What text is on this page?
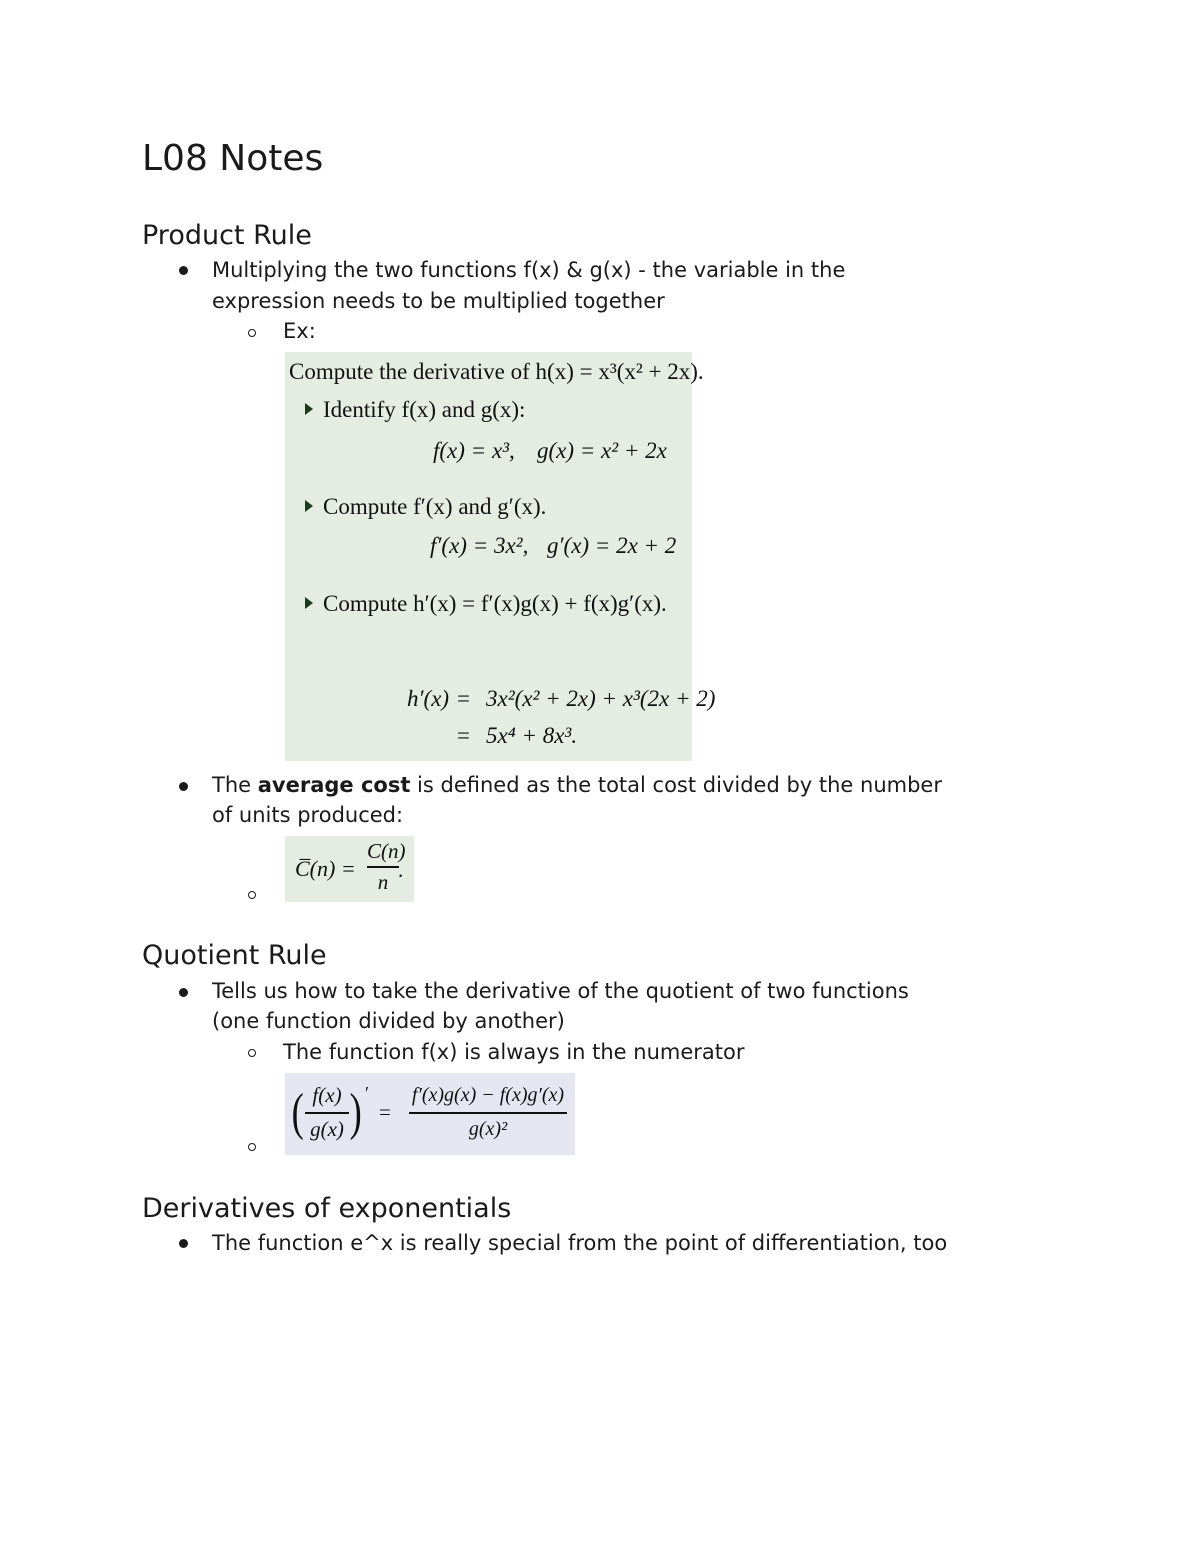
L08 Notes
Product Rule
Multiplying the two functions f(x) & g(x) - the variable in the
expression needs to be multiplied together
Ex:
Compute the derivative of h(x) = x³(x² + 2x).
Identify f(x) and g(x):
f(x) = x³, g(x) = x² + 2x
Compute f′(x) and g′(x).
f′(x) = 3x², g′(x) = 2x + 2
Compute h′(x) = f′(x)g(x) + f(x)g′(x).
h′(x) = 3x²(x² + 2x) + x³(2x + 2)
= 5x⁴ + 8x³.
The average cost is defined as the total cost divided by the number
of units produced:
C̅(n) =
C(n)
n .
Quotient Rule
Tells us how to take the derivative of the quotient of two functions
(one function divided by another)
The function f(x) is always in the numerator
( f(x)
g(x) ) ′
=
f′(x)g(x) − f(x)g′(x)
g(x)²
Derivatives of exponentials
The function e^x is really special from the point of differentiation, too
